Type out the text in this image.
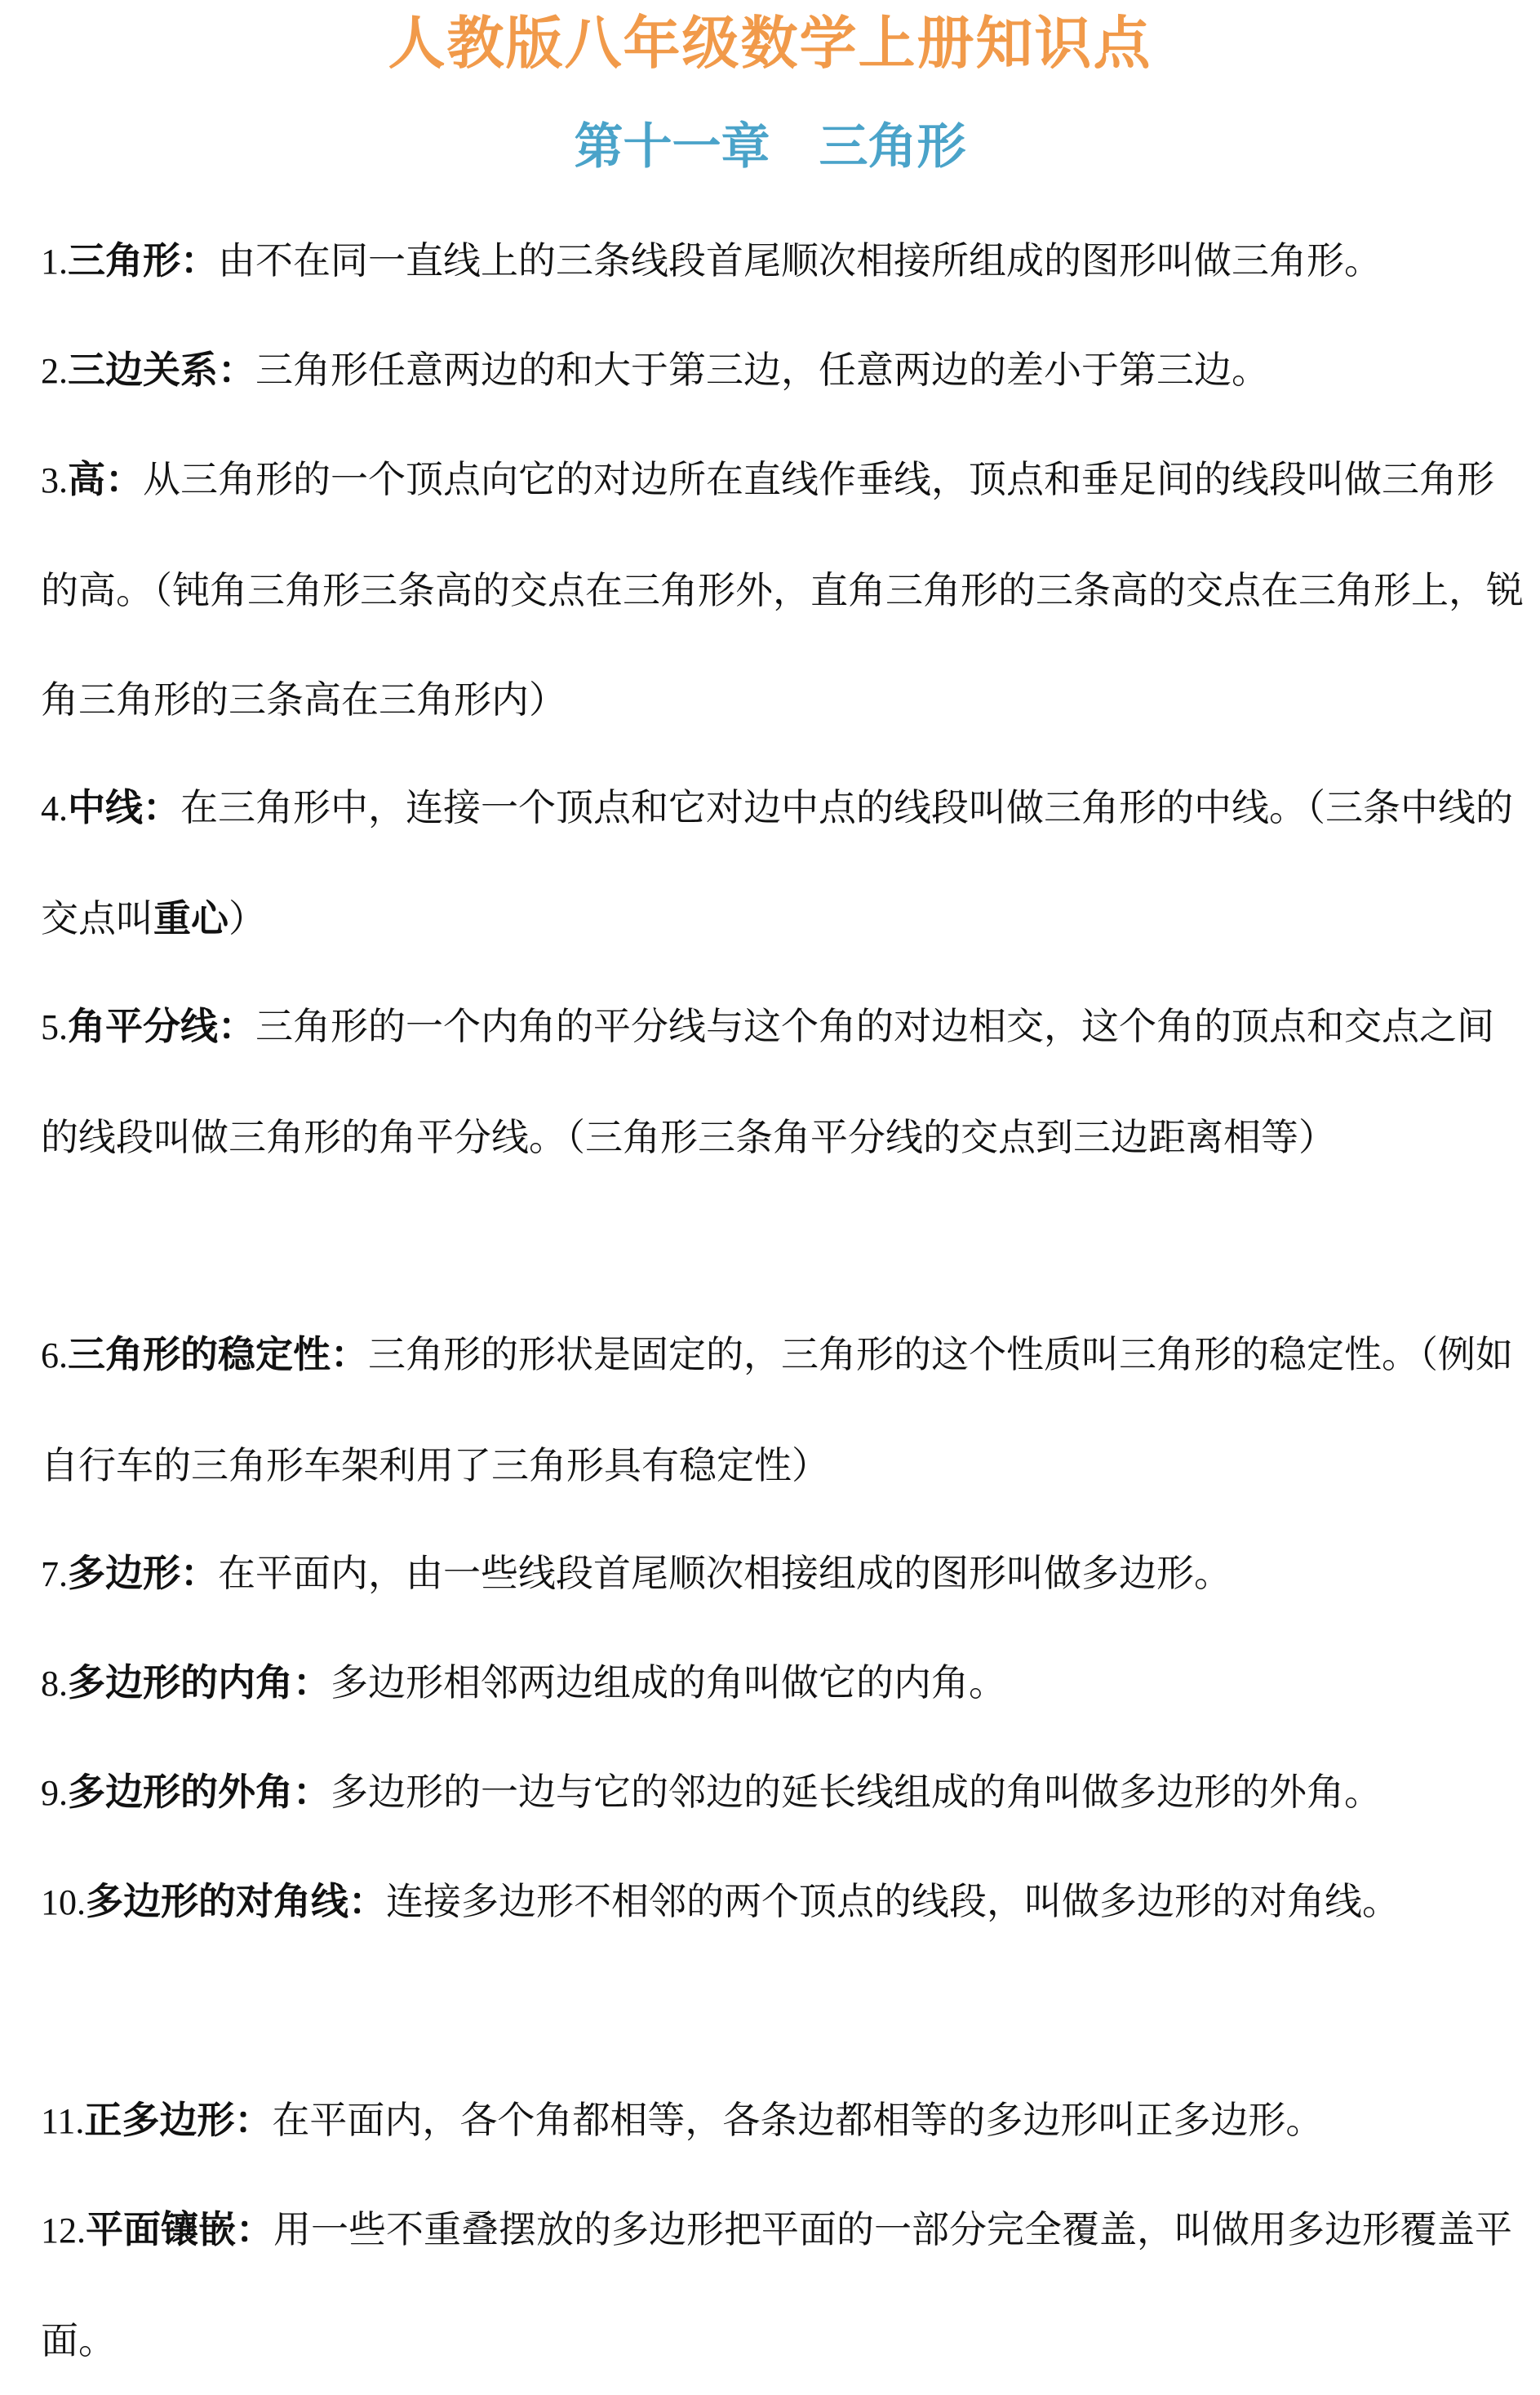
人教版八年级数学上册知识点
第十一章　三角形
1.三角形：由不在同一直线上的三条线段首尾顺次相接所组成的图形叫做三角形。
2.三边关系：三角形任意两边的和大于第三边，任意两边的差小于第三边。
3.高：从三角形的一个顶点向它的对边所在直线作垂线，顶点和垂足间的线段叫做三角形的高。（钝角三角形三条高的交点在三角形外，直角三角形的三条高的交点在三角形上，锐角三角形的三条高在三角形内）
4.中线：在三角形中，连接一个顶点和它对边中点的线段叫做三角形的中线。（三条中线的交点叫重心）
5.角平分线：三角形的一个内角的平分线与这个角的对边相交，这个角的顶点和交点之间的线段叫做三角形的角平分线。（三角形三条角平分线的交点到三边距离相等）
6.三角形的稳定性：三角形的形状是固定的，三角形的这个性质叫三角形的稳定性。（例如自行车的三角形车架利用了三角形具有稳定性）
7.多边形：在平面内，由一些线段首尾顺次相接组成的图形叫做多边形。
8.多边形的内角：多边形相邻两边组成的角叫做它的内角。
9.多边形的外角：多边形的一边与它的邻边的延长线组成的角叫做多边形的外角。
10.多边形的对角线：连接多边形不相邻的两个顶点的线段，叫做多边形的对角线。
11.正多边形：在平面内，各个角都相等，各条边都相等的多边形叫正多边形。
12.平面镶嵌：用一些不重叠摆放的多边形把平面的一部分完全覆盖，叫做用多边形覆盖平面。
